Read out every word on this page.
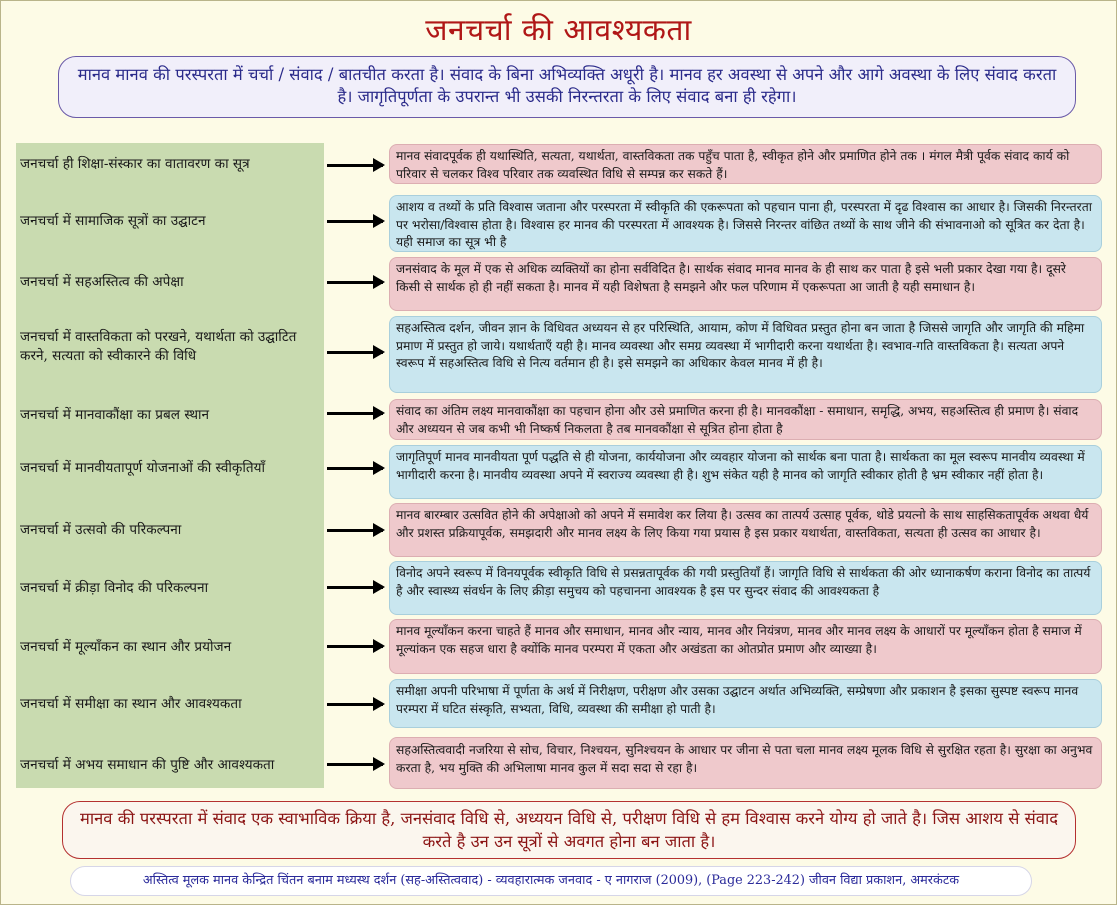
जनचर्चा की आवश्यकता
मानव मानव की परस्परता में चर्चा / संवाद / बातचीत करता है। संवाद के बिना अभिव्यक्ति अधूरी है। मानव हर अवस्था से अपने और आगे अवस्था के लिए संवाद करता है। जागृतिपूर्णता के उपरान्त भी उसकी निरन्तरता के लिए संवाद बना ही रहेगा।
जनचर्चा ही शिक्षा-संस्कार का वातावरण का सूत्र	मानव संवादपूर्वक ही यथास्थिति, सत्यता, यथार्थता, वास्तविकता तक पहुँच पाता है, स्वीकृत होने और प्रमाणित होने तक । मंगल मैत्री पूर्वक संवाद कार्य को परिवार से चलकर विश्व परिवार तक व्यवस्थित विधि से सम्पन्न कर सकते हैं।
जनचर्चा में सामाजिक सूत्रों का उद्घाटन
आशय व तथ्यों के प्रति विश्वास जताना और परस्परता में स्वीकृति की एकरूपता को पहचान पाना ही, परस्परता में दृढ विश्वास का आधार है। जिसकी निरन्तरता पर भरोसा/विश्वास होता है। विश्वास हर मानव की परस्परता में आवश्यक है। जिससे निरन्तर वांछित तथ्यों के साथ जीने की संभावनाओ को सूत्रित कर देता है। यही समाज का सूत्र भी है
जनचर्चा में सहअस्तित्व की अपेक्षा
जनसंवाद के मूल में एक से अधिक व्यक्तियों का होना सर्वविदित है। सार्थक संवाद मानव मानव के ही साथ कर पाता है इसे भली प्रकार देखा गया है। दूसरे किसी से सार्थक हो ही नहीं सकता है। मानव में यही विशेषता है समझने और फल परिणाम में एकरूपता आ जाती है यही समाधान है।
जनचर्चा में वास्तविकता को परखने, यथार्थता को उद्घाटित करने, सत्यता को स्वीकारने की विधि
सहअस्तित्व दर्शन, जीवन ज्ञान के विधिवत अध्ययन से हर परिस्थिति, आयाम, कोण में विधिवत प्रस्तुत होना बन जाता है जिससे जागृति और जागृति की महिमा प्रमाण में प्रस्तुत हो जाये। यथार्थताएँ यही है। मानव व्यवस्था और समग्र व्यवस्था में भागीदारी करना यथार्थता है। स्वभाव-गति वास्तविकता है। सत्यता अपने स्वरूप में सहअस्तित्व विधि से नित्य वर्तमान ही है। इसे समझने का अधिकार केवल मानव में ही है।
जनचर्चा में मानवाकौंक्षा का प्रबल स्थान	संवाद का अंतिम लक्ष्य मानवाकौंक्षा का पहचान होना और उसे प्रमाणित करना ही है। मानवकौंक्षा - समाधान, समृद्धि, अभय, सहअस्तित्व ही प्रमाण है। संवाद और अध्ययन से जब कभी भी निष्कर्ष निकलता है तब मानवकौंक्षा से सूत्रित होना होता है
जनचर्चा में मानवीयतापूर्ण योजनाओं की स्वीकृतियाँ
जागृतिपूर्ण मानव मानवीयता पूर्ण पद्धति से ही योजना, कार्ययोजना और व्यवहार योजना को सार्थक बना पाता है। सार्थकता का मूल स्वरूप मानवीय व्यवस्था में भागीदारी करना है। मानवीय व्यवस्था अपने में स्वराज्य व्यवस्था ही है। शुभ संकेत यही है मानव को जागृति स्वीकार होती है भ्रम स्वीकार नहीं होता है।
जनचर्चा में उत्सवो की परिकल्पना
मानव बारम्बार उत्सवित होने की अपेक्षाओ को अपने में समावेश कर लिया है। उत्सव का तात्पर्य उत्साह पूर्वक, थोडे प्रयत्नो के साथ साहसिकतापूर्वक अथवा धैर्य और प्रशस्त प्रक्रियापूर्वक, समझदारी और मानव लक्ष्य के लिए किया गया प्रयास है इस प्रकार यथार्थता, वास्तविकता, सत्यता ही उत्सव का आधार है।
जनचर्चा में क्रीड़ा विनोद की परिकल्पना
विनोद अपने स्वरूप में विनयपूर्वक स्वीकृति विधि से प्रसन्नतापूर्वक की गयी प्रस्तुतियाँ हैं। जागृति विधि से सार्थकता की ओर ध्यानाकर्षण कराना विनोद का तात्पर्य है और स्वास्थ्य संवर्धन के लिए क्रीड़ा समुचय को पहचानना आवश्यक है इस पर सुन्दर संवाद की आवश्यकता है
जनचर्चा में मूल्यॉंकन का स्थान और प्रयोजन
मानव मूल्यॉंकन करना चाहते हैं मानव और समाधान, मानव और न्याय, मानव और नियंत्रण, मानव और मानव लक्ष्य के आधारों पर मूल्यॉंकन होता है समाज में मूल्यांकन एक सहज धारा है क्योंकि मानव परम्परा में एकता और अखंडता का ओतप्रोत प्रमाण और व्याख्या है।
जनचर्चा में समीक्षा का स्थान और आवश्यकता
समीक्षा अपनी परिभाषा में पूर्णता के अर्थ में निरीक्षण, परीक्षण और उसका उद्घाटन अर्थात अभिव्यक्ति, सम्प्रेषणा और प्रकाशन है इसका सुस्पष्ट स्वरूप मानव परम्परा में घटित संस्कृति, सभ्यता, विधि, व्यवस्था की समीक्षा हो पाती है।
जनचर्चा में अभय समाधान की पुष्टि और आवश्यकता
सहअस्तित्ववादी नजरिया से सोच, विचार, निश्चयन, सुनिश्चयन के आधार पर जीना से पता चला मानव लक्ष्य मूलक विधि से सुरक्षित रहता है। सुरक्षा का अनुभव करता है, भय मुक्ति की अभिलाषा मानव कुल में सदा सदा से रहा है।
मानव की परस्परता में संवाद एक स्वाभाविक क्रिया है, जनसंवाद विधि से, अध्ययन विधि से, परीक्षण विधि से हम विश्वास करने योग्य हो जाते है। जिस आशय से संवाद करते है उन उन सूत्रों से अवगत होना बन जाता है।
अस्तित्व मूलक मानव केन्द्रित चिंतन बनाम मध्यस्थ दर्शन (सह-अस्तित्ववाद) - व्यवहारात्मक जनवाद - ए नागराज (2009), (Page 223-242) जीवन विद्या प्रकाशन, अमरकंटक
